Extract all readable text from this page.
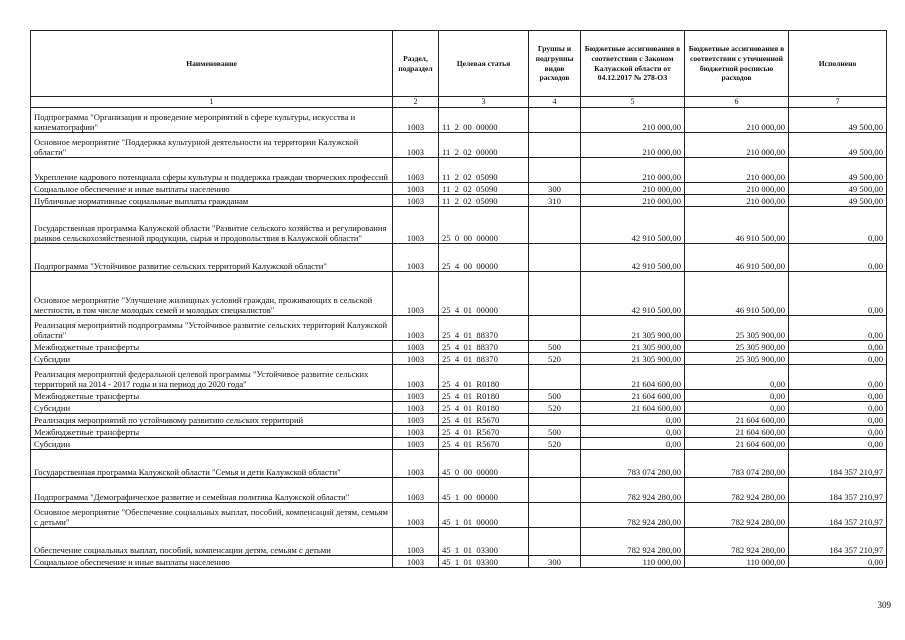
Наименование	Раздел, подраздел	Целевая статья	Группы и подгруппы видов расходов	Бюджетные ассигнования в соответствии с Законом Калужской области от 04.12.2017 № 278-ОЗ	Бюджетные ассигнования в соответствии с уточненной бюджетной росписью расходов	Исполнено
1	2	3	4	5	6	7
Подпрограмма "Организация и проведение мероприятий в сфере культуры, искусства и кинематографии"	1003	11  2  00  00000		210 000,00	210 000,00	49 500,00
Основное мероприятие "Поддержка культурной деятельности на территории Калужской области"	1003	11  2  02  00000		210 000,00	210 000,00	49 500,00
Укрепление кадрового потенциала сферы культуры и поддержка граждан творческих профессий	1003	11  2  02  05090		210 000,00	210 000,00	49 500,00
Социальное обеспечение и иные выплаты населению	1003	11  2  02  05090	300	210 000,00	210 000,00	49 500,00
Публичные нормативные социальные выплаты гражданам	1003	11  2  02  05090	310	210 000,00	210 000,00	49 500,00
Государственная программа Калужской области "Развитие сельского хозяйства и регулирования рынков сельскохозяйственной продукции, сырья и продовольствия в Калужской области"	1003	25  0  00  00000		42 910 500,00	46 910 500,00	0,00
Подпрограмма "Устойчивое развитие сельских территорий Калужской области"	1003	25  4  00  00000		42 910 500,00	46 910 500,00	0,00
Основное мероприятие "Улучшение жилищных условий граждан, проживающих в сельской местности, в том числе молодых семей и молодых специалистов"	1003	25  4  01  00000		42 910 500,00	46 910 500,00	0,00
Реализация мероприятий подпрограммы "Устойчивое развитие сельских территорий Калужской области"	1003	25  4  01  88370		21 305 900,00	25 305 900,00	0,00
Межбюджетные трансферты	1003	25  4  01  88370	500	21 305 900,00	25 305 900,00	0,00
Субсидии	1003	25  4  01  88370	520	21 305 900,00	25 305 900,00	0,00
Реализация мероприятий федеральной целевой программы "Устойчивое развитие сельских территорий на 2014 - 2017 годы и на период до 2020 года"	1003	25  4  01  R0180		21 604 600,00	0,00	0,00
Межбюджетные трансферты	1003	25  4  01  R0180	500	21 604 600,00	0,00	0,00
Субсидии	1003	25  4  01  R0180	520	21 604 600,00	0,00	0,00
Реализация мероприятий по устойчивому развитию сельских территорий	1003	25  4  01  R5670		0,00	21 604 600,00	0,00
Межбюджетные трансферты	1003	25  4  01  R5670	500	0,00	21 604 600,00	0,00
Субсидии	1003	25  4  01  R5670	520	0,00	21 604 600,00	0,00
Государственная программа Калужской области "Семья и дети Калужской области"	1003	45  0  00  00000		783 074 280,00	783 074 280,00	184 357 210,97
Подпрограмма "Демографическое развитие и семейная политика Калужской области"	1003	45  1  00  00000		782 924 280,00	782 924 280,00	184 357 210,97
Основное мероприятие "Обеспечение социальных выплат, пособий, компенсаций детям, семьям с детьми"	1003	45  1  01  00000		782 924 280,00	782 924 280,00	184 357 210,97
Обеспечение социальных выплат, пособий, компенсации детям, семьям с детьми	1003	45  1  01  03300		782 924 280,00	782 924 280,00	184 357 210,97
Социальное обеспечение и иные выплаты населению	1003	45  1  01  03300	300	110 000,00	110 000,00	0,00
309
